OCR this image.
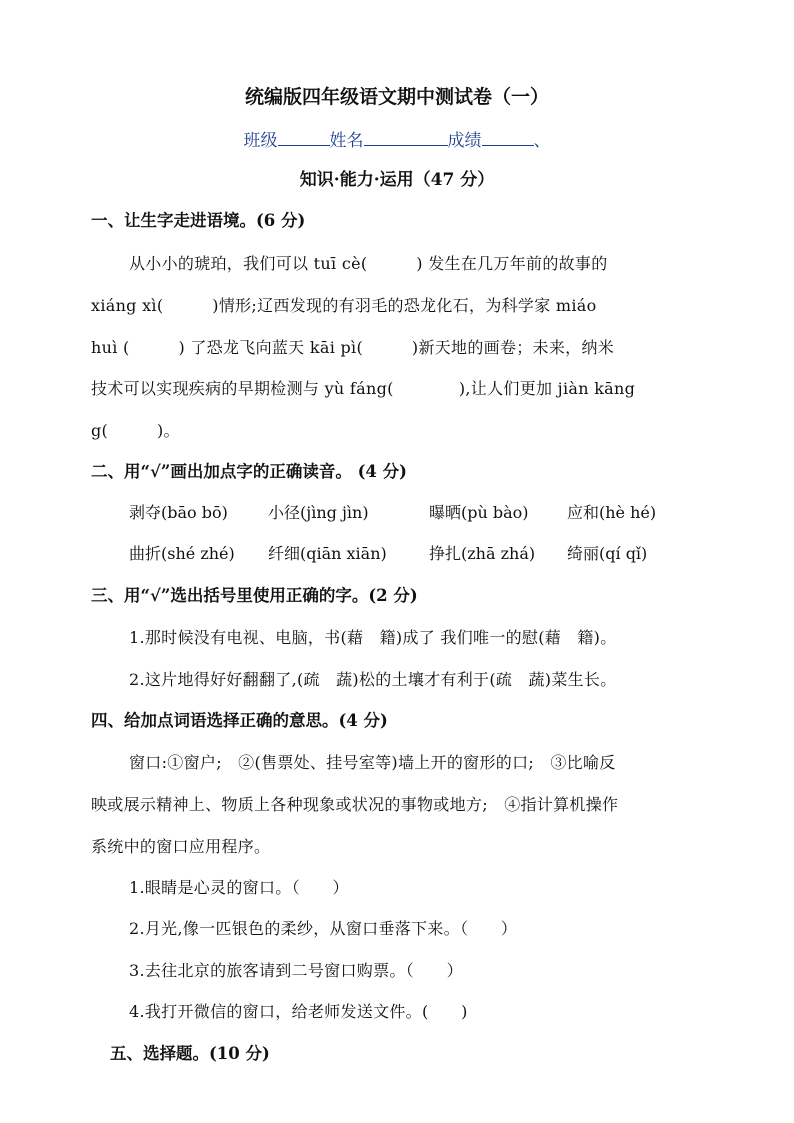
统编版四年级语文期中测试卷（一）
班级	姓名	成绩	、
知识·能力·运用（47 分）
一、让生字走进语境。(6 分)
从小小的琥珀，我们可以 tuī cè(　　　) 发生在几万年前的故事的
xiáng xì(　　　)情形;辽西发现的有羽毛的恐龙化石，为科学家 miáo
huì (　　　) 了恐龙飞向蓝天 kāi pì(　　　)新天地的画卷；未来，纳米
技术可以实现疾病的早期检测与 yù fáng(　　　　),让人们更加 jiàn kāng
g(　　　)。
二、用“√”画出加点字的正确读音。 (4 分)
剥夺(bāo bō)	小径(jìng jìn)	曝晒(pù bào) 应和(hè hé)
曲折(shé zhé) 纤细(qiān xiān)	挣扎(zhā zhá) 绮丽(qí qǐ)
三、用“√”选出括号里使用正确的字。(2 分)
1.那时候没有电视、电脑，书(藉　籍)成了 我们唯一的慰(藉　籍)。
2.这片地得好好翻翻了,(疏　蔬)松的土壤才有利于(疏　蔬)菜生长。
四、给加点词语选择正确的意思。(4 分)
窗口:①窗户;　②(售票处、挂号室等)墙上开的窗形的口;　③比喻反
映或展示精神上、物质上各种现象或状况的事物或地方;　④指计算机操作
系统中的窗口应用程序。
1.眼睛是心灵的窗口。（　　）
2.月光,像一匹银色的柔纱，从窗口垂落下来。（　　）
3.去往北京的旅客请到二号窗口购票。（　　）
4.我打开微信的窗口，给老师发送文件。(　　)
五、选择题。(10 分)
